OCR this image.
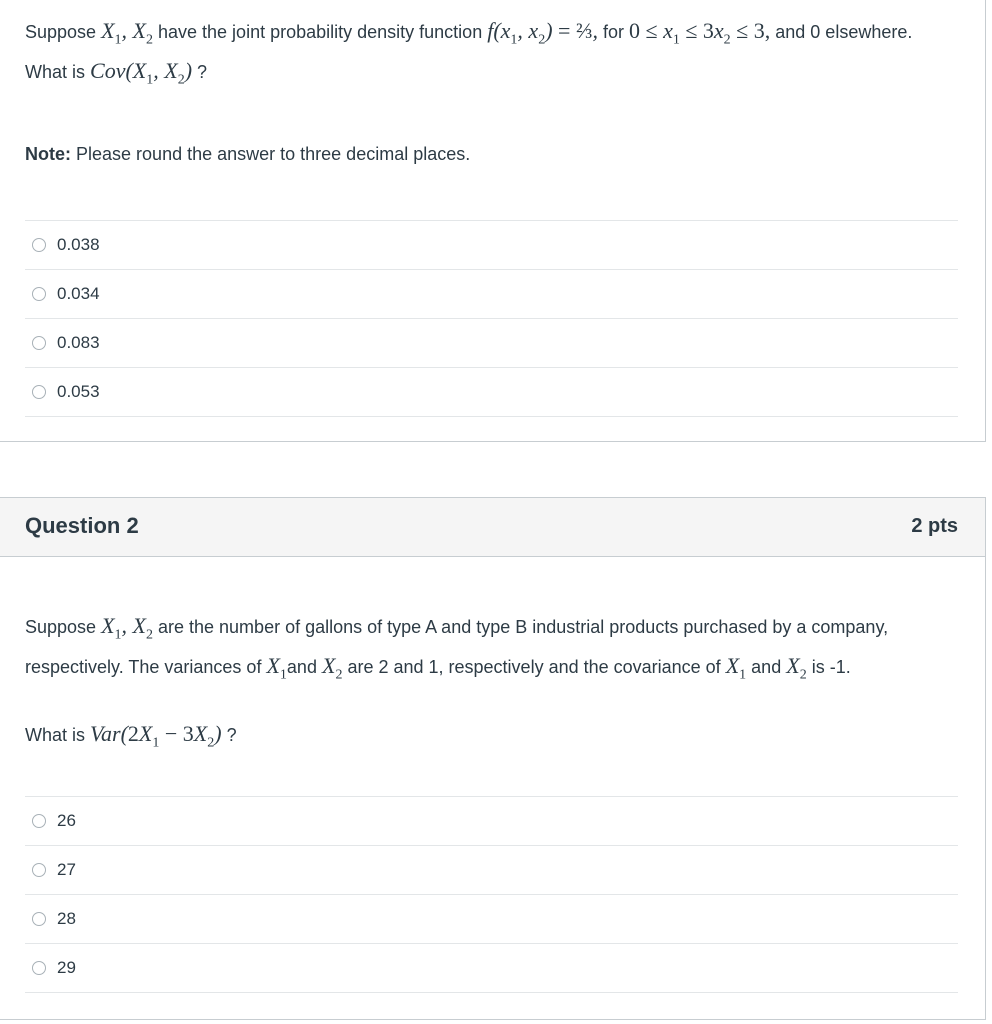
Suppose $X_1$, $X_2$ have the joint probability density function $f(x_1$, $x_2$) = ⅔, for $0 \le x_1 \le 3x_2 \le 3$, and 0 elsewhere. What is $Cov(X_1$, $X_2$) ?
Note: Please round the answer to three decimal places.
0.038
0.034
0.083
0.053
Question 2	2 pts
Suppose $X_1$, $X_2$ are the number of gallons of type A and type B industrial products purchased by a company, respectively. The variances of $X_1and$ $X_2$ are 2 and 1, respectively and the covariance of $X_1$ and $X_2$ is -1.
What is $Var(2X_1 - 3X_2)$ ?
26
27
28
29
